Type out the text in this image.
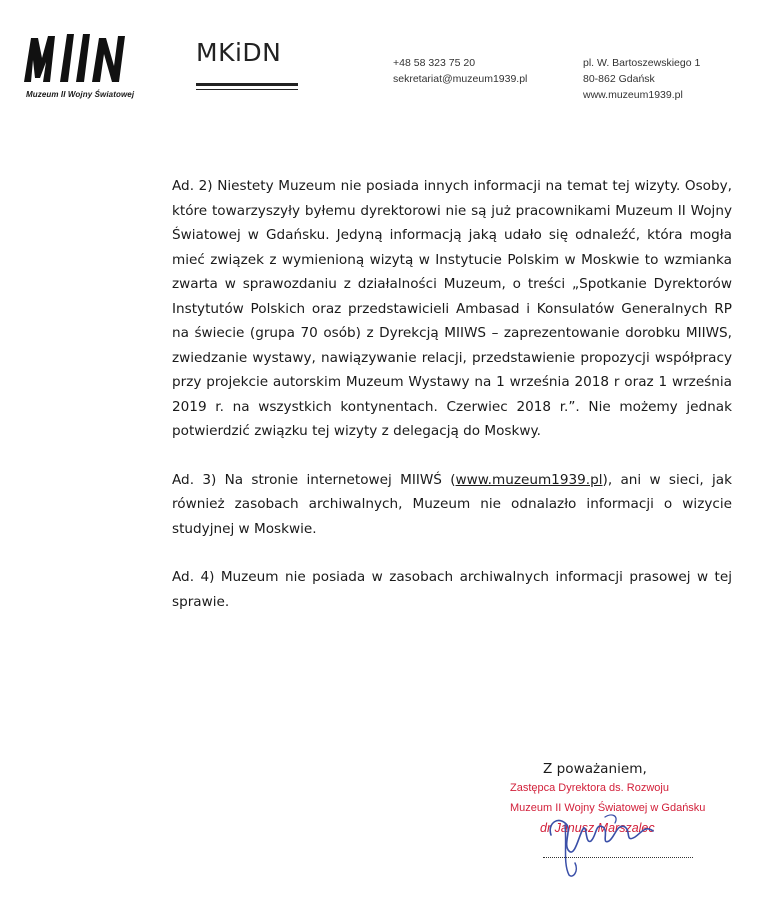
Muzeum II Wojny Światowej
MKiDN	+48 58 323 75 20
sekretariat@muzeum1939.pl
pl. W. Bartoszewskiego 1
80-862 Gdańsk
www.muzeum1939.pl

Ad. 2) Niestety Muzeum nie posiada innych informacji na temat tej wizyty. Osoby, które towarzyszyły byłemu dyrektorowi nie są już pracownikami Muzeum II Wojny Światowej w Gdańsku. Jedyną informacją jaką udało się odnaleźć, która mogła mieć związek z wymienioną wizytą w Instytucie Polskim w Moskwie to wzmianka zwarta w sprawozdaniu z działalności Muzeum, o treści „Spotkanie Dyrektorów Instytutów Polskich oraz przedstawicieli Ambasad i Konsulatów Generalnych RP na świecie (grupa 70 osób) z Dyrekcją MIIWS – zaprezentowanie dorobku MIIWS, zwiedzanie wystawy, nawiązywanie relacji, przedstawienie propozycji współpracy przy projekcie autorskim Muzeum Wystawy na 1 września 2018 r oraz 1 września 2019 r. na wszystkich kontynentach. Czerwiec 2018 r.”. Nie możemy jednak potwierdzić związku tej wizyty z delegacją do Moskwy.

Ad. 3) Na stronie internetowej MIIWŚ (www.muzeum1939.pl), ani w sieci, jak również zasobach archiwalnych, Muzeum nie odnalazło informacji o wizycie studyjnej w Moskwie.

Ad. 4) Muzeum nie posiada w zasobach archiwalnych informacji prasowej w tej sprawie.

Z poważaniem,
Zastępca Dyrektora ds. Rozwoju
Muzeum II Wojny Światowej w Gdańsku
dr Janusz Marszalec
